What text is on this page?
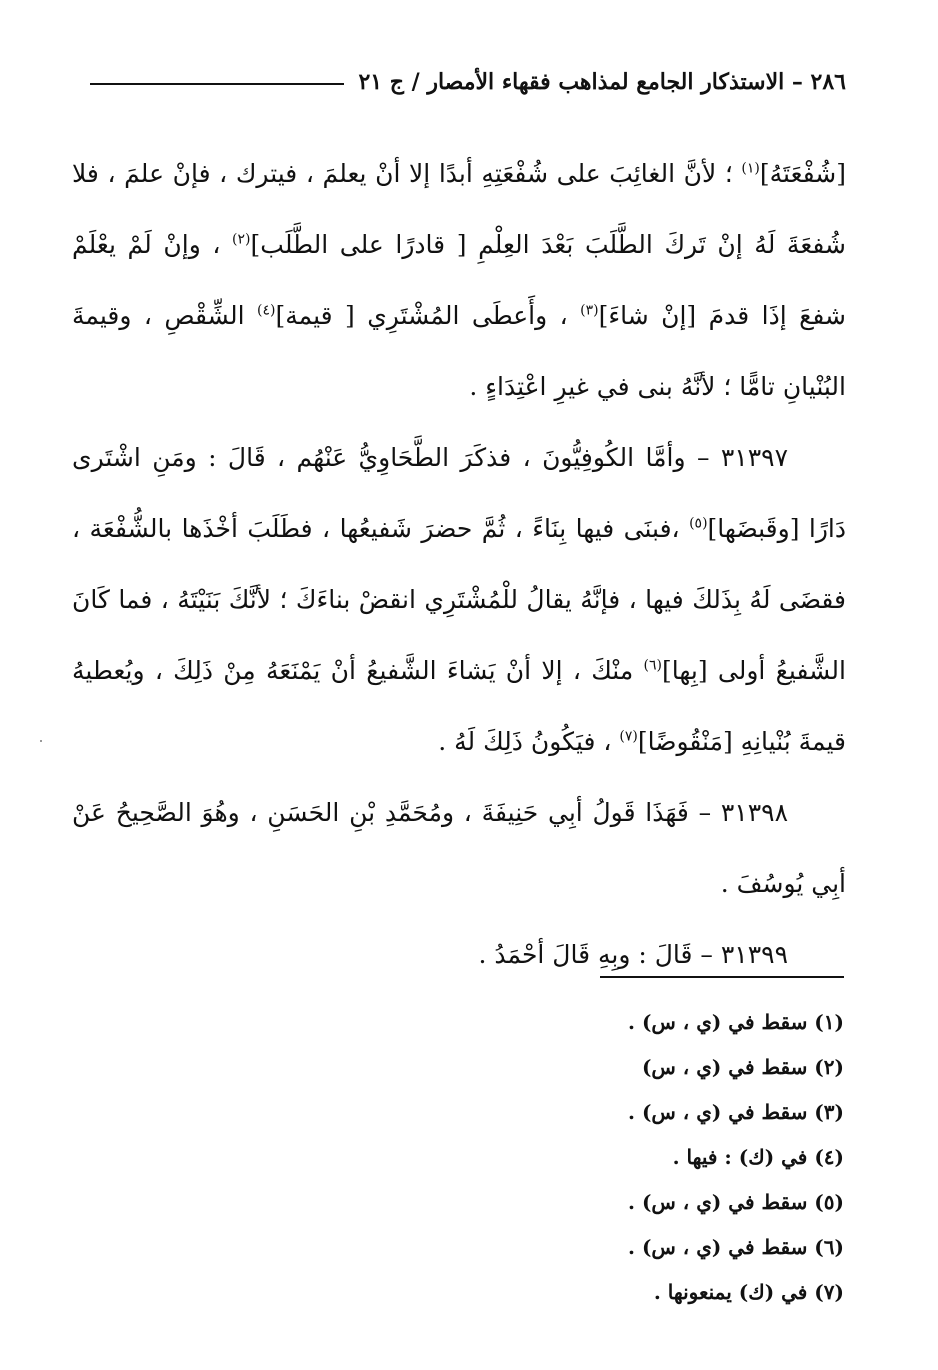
٢٨٦ – الاستذكار الجامع لمذاهب فقهاء الأمصار / ج ٢١

[شُفْعَتَهُ]$^{(١)}$ ؛ لأنَّ الغائِبَ على شُفْعَتِهِ أبدًا إلا أنْ يعلمَ ، فيترك ، فإنْ علمَ ، فلا شُفعَةَ لَهُ إنْ تَركَ الطَّلَبَ بَعْدَ العِلْمِ [ قادرًا على الطَّلَب]$^{(٢)}$ ، وإنْ لَمْ يعْلَمْ شفعَ إذَا قدمَ [إنْ شاءَ]$^{(٣)}$ ، وأَعطَى المُشْتَرِي [ قيمة]$^{(٤)}$ الشِّقْصِ ، وقيمةَ البُنْيانِ تامًّا ؛ لأنَّهُ بنى في غيرِ اعْتِدَاءٍ .

٣١٣٩٧ – وأمَّا الكُوفِيُّونَ ، فذكَرَ الطَّحَاوِيُّ عَنْهُم ، قَالَ : ومَنِ اشْتَرى دَارًا [وقَبضَها]$^{(٥)}$ ،فبنَى فيها بِنَاءً ، ثُمَّ حضرَ شَفيعُها ، فطَلَبَ أخْذَها بالشُّفْعَة ، فقضَى لَهُ بِذَلكَ فيها ، فإنَّهُ يقالُ للْمُشْتَرِي انقضْ بناءَكَ ؛ لأنَّكَ بَنَيْتَهُ ، فما كَانَ الشَّفيعُ أولى [بِها]$^{(٦)}$ منْكَ ، إلا أنْ يَشاءَ الشَّفيعُ أنْ يَمْنَعَهُ مِنْ ذَلِكَ ، ويُعطيهُ قيمةَ بُنْيانِهِ [مَنْقُوضًا]$^{(٧)}$ ، فيَكُونُ ذَلِكَ لَهُ .

٣١٣٩٨ – فَهَذَا قَولُ أبِي حَنِيفَةَ ، ومُحَمَّدِ بْنِ الحَسَنِ ، وهُوَ الصَّحِيحُ عَنْ أبِي يُوسُفَ .

٣١٣٩٩ – قَالَ : وبِهِ قَالَ أحْمَدُ .

(١) سقط في (ي ، س) .
(٢) سقط في (ي ، س)
(٣) سقط في (ي ، س) .
(٤) في (ك) : فيها .
(٥) سقط في (ي ، س) .
(٦) سقط في (ي ، س) .
(٧) في (ك) يمنعونها .
